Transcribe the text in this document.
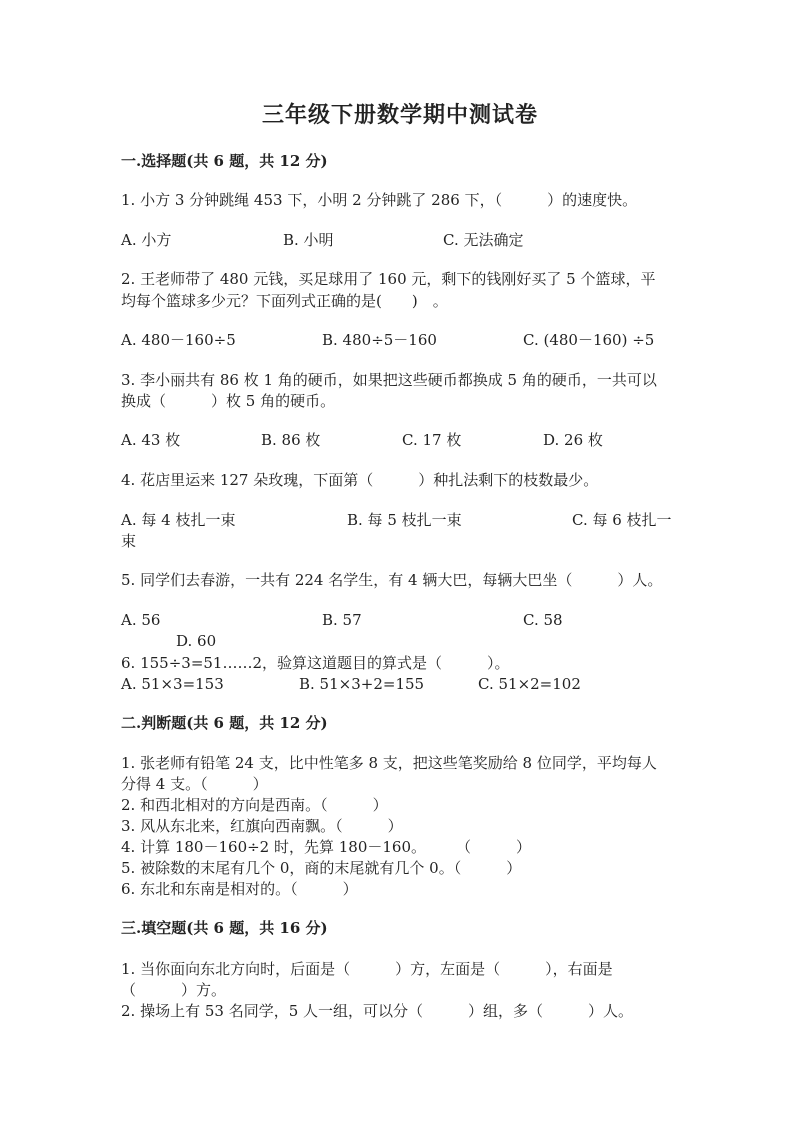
三年级下册数学期中测试卷
一.选择题(共 6 题，共 12 分)
1. 小方 3 分钟跳绳 453 下，小明 2 分钟跳了 286 下，（　　　）的速度快。
A. 小方	B. 小明	C. 无法确定
2. 王老师带了 480 元钱，买足球用了 160 元，剩下的钱刚好买了 5 个篮球，平
均每个篮球多少元？下面列式正确的是(　　)　。
A. 480－160÷5	B. 480÷5－160	C. (480－160) ÷5
3. 李小丽共有 86 枚 1 角的硬币，如果把这些硬币都换成 5 角的硬币，一共可以
换成（　　　）枚 5 角的硬币。
A. 43 枚	B. 86 枚	C. 17 枚	D. 26 枚
4. 花店里运来 127 朵玫瑰，下面第（　　　）种扎法剩下的枝数最少。
A. 每 4 枝扎一束	B. 每 5 枝扎一束	C. 每 6 枝扎一
束
5. 同学们去春游，一共有 224 名学生，有 4 辆大巴，每辆大巴坐（　　　）人。
A. 56	B. 57	C. 58
D. 60
6. 155÷3=51……2，验算这道题目的算式是（　　　）。
A. 51×3=153	B. 51×3+2=155	C. 51×2=102
二.判断题(共 6 题，共 12 分)
1. 张老师有铅笔 24 支，比中性笔多 8 支，把这些笔奖励给 8 位同学，平均每人
分得 4 支。（　　　）
2. 和西北相对的方向是西南。（　　　）
3. 风从东北来，红旗向西南飘。（　　　）
4. 计算 180－160÷2 时，先算 180－160。　　　（　　　）
5. 被除数的末尾有几个 0，商的末尾就有几个 0。（　　　）
6. 东北和东南是相对的。（　　　）
三.填空题(共 6 题，共 16 分)
1. 当你面向东北方向时，后面是（　　　）方，左面是（　　　），右面是
（　　　）方。
2. 操场上有 53 名同学，5 人一组，可以分（　　　）组，多（　　　）人。
